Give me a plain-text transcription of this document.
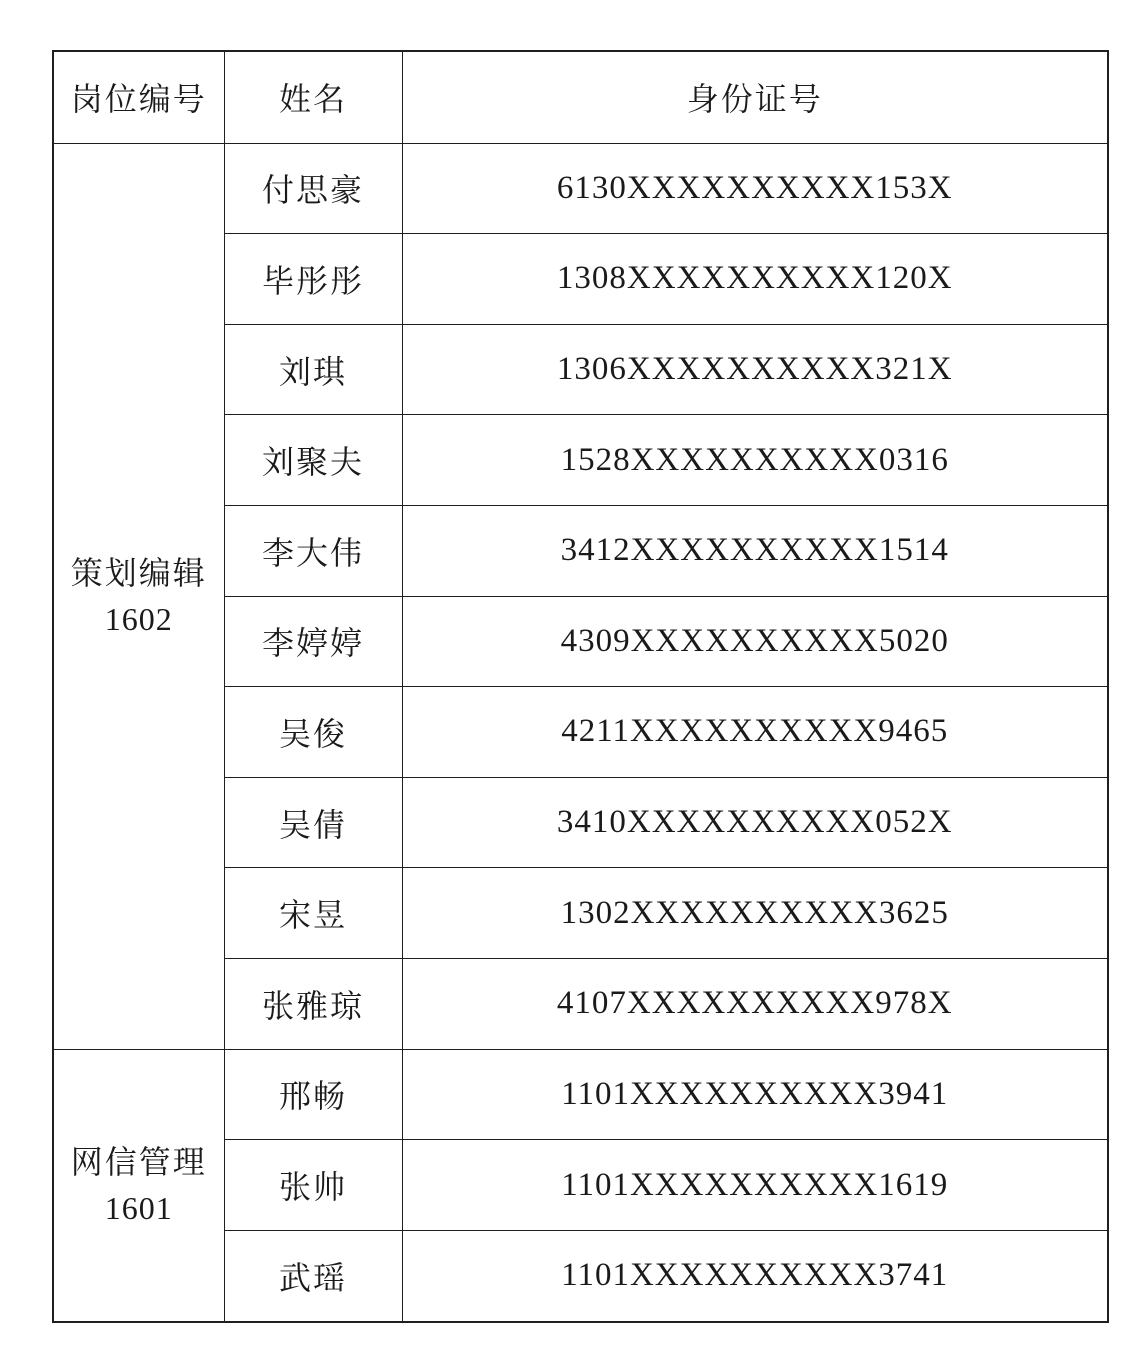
岗位编号	姓名	身份证号

策划编辑
1602	付思豪	6130XXXXXXXXXX153X
	毕彤彤	1308XXXXXXXXXX120X
	刘琪	1306XXXXXXXXXX321X
	刘聚夫	1528XXXXXXXXXX0316
	李大伟	3412XXXXXXXXXX1514
	李婷婷	4309XXXXXXXXXX5020
	吴俊	4211XXXXXXXXXX9465
	吴倩	3410XXXXXXXXXX052X
	宋昱	1302XXXXXXXXXX3625
	张雅琼	4107XXXXXXXXXX978X

网信管理
1601	邢畅	1101XXXXXXXXXX3941
	张帅	1101XXXXXXXXXX1619
	武瑶	1101XXXXXXXXXX3741
